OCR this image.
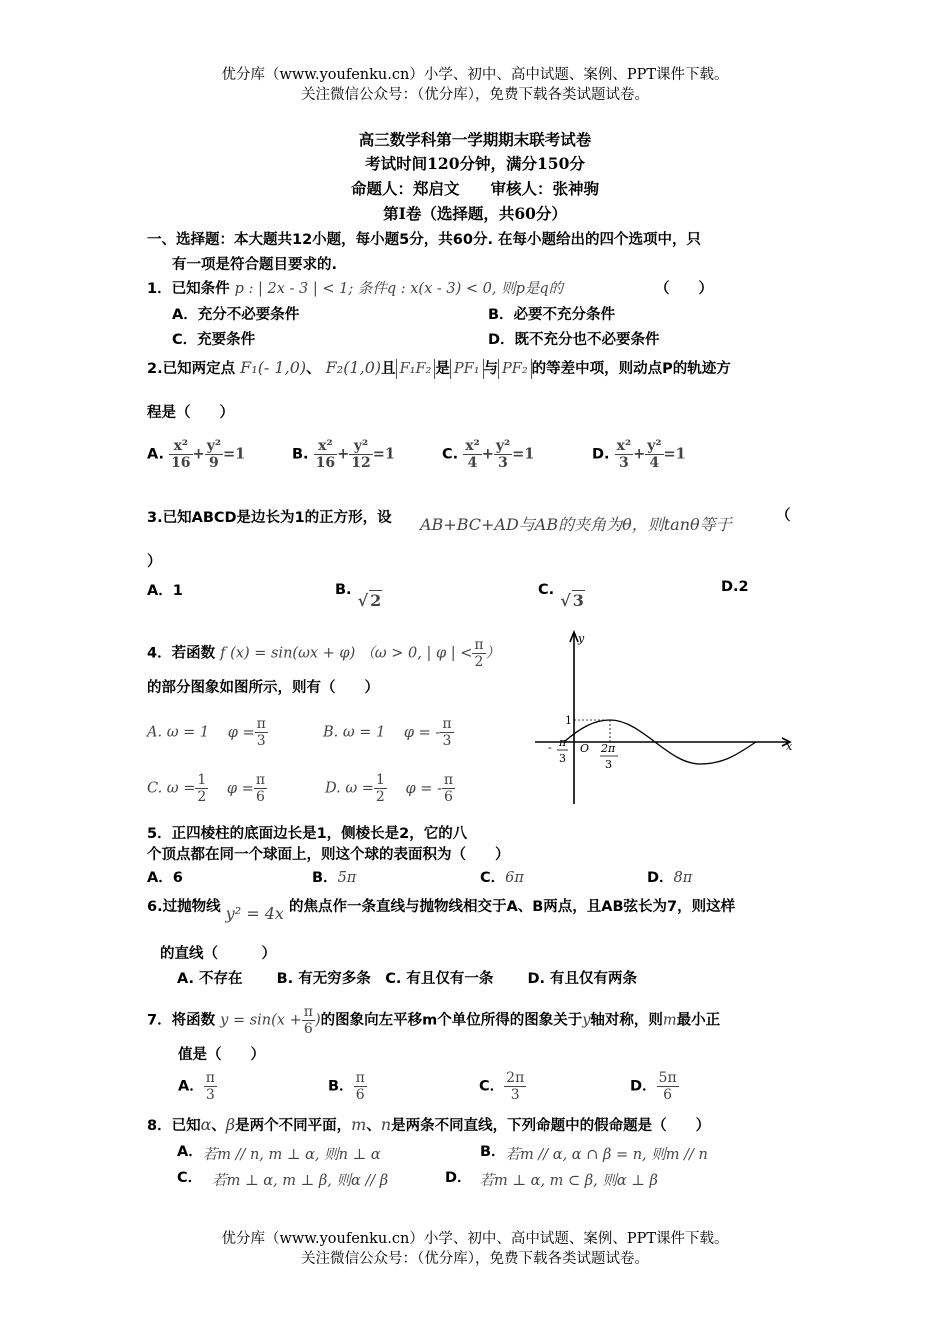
优分库（www.youfenku.cn）小学、初中、高中试题、案例、PPT课件下载。
关注微信公众号：（优分库），免费下载各类试题试卷。
高三数学科第一学期期末联考试卷
考试时间120分钟，满分150分
命题人：郑启文　　审核人：张神驹
第Ⅰ卷（选择题，共60分）
一、选择题：本大题共12小题，每小题5分，共60分. 在每小题给出的四个选项中，只
有一项是符合题目要求的.
1．已知条件 p : | 2x - 3 | < 1; 条件q : x(x - 3) < 0, 则p是q的	（　　）
A．充分不必要条件	B．必要不充分条件
C．充要条件	D．既不充分也不必要条件
2.已知两定点 F₁(- 1,0)、 F₂(1,0)且 F₁F₂ 是 PF₁ 与 PF₂ 的等差中项，则动点P的轨迹方
程是（　　）
A. $\frac{\text{x²}}{16} + \frac{\text{y²}}{9} =1$	B. $\frac{\text{x²}}{16} + \frac{\text{y²}}{12} =1$	C. $\frac{\text{x²}}{4} + \frac{\text{y²}}{3} =1$	D. $\frac{\text{x²}}{3} + \frac{\text{y²}}{4} =1$
3.已知ABCD是边长为1的正方形，设 AB+BC+AD与AB的夹角为θ，则tanθ等于	（
）
A．1	B. √ 2
C. √ 3
D.2
4．若函数 f (x) = sin(ωx + φ) （ω > 0, | φ | < $\frac{\pi}{2}$ ）
的部分图象如图所示，则有（　　）
A. ω = 1 $\varphi = \frac{\pi}{3}$	B. ω = 1 φ = - $\frac{\pi}{3}$
C. $\omega = \frac{1}{2}$ $\varphi = \frac{\pi}{6}$	D. $\omega = \frac{1}{2}$ φ = - $\frac{\pi}{6}$
y
x
O
1
- π
3
2π
3
5．正四棱柱的底面边长是1，侧棱长是2，它的八
个顶点都在同一个球面上，则这个球的表面积为（　　）
A．6	B．5π	C．6π	D．8π
6.过抛物线 y² = 4x 的焦点作一条直线与抛物线相交于A、B两点，且AB弦长为7，则这样
的直线（　　　）
A. 不存在　　 B. 有无穷多条　C. 有且仅有一条　　 D. 有且仅有两条
7．将函数 $y = \sin(x + \frac{\pi}{6}$ )的图象向左平移m个单位所得的图象关于y轴对称，则m最小正
值是（　　）
A． $\frac{\pi}{3}$	B． $\frac{\pi}{6}$	C． $\frac{2\pi}{3}$	D． $\frac{5\pi}{6}$
8．已知α、β是两个不同平面，m、n是两条不同直线，下列命题中的假命题是（　　）
A．若m // n, m ⊥ α, 则n ⊥ α	B．若m // α, α ∩ β = n, 则m // n
C． 若m ⊥ α, m ⊥ β, 则α // β	D． 若m ⊥ α, m ⊂ β, 则α ⊥ β
优分库（www.youfenku.cn）小学、初中、高中试题、案例、PPT课件下载。
关注微信公众号：（优分库），免费下载各类试题试卷。
